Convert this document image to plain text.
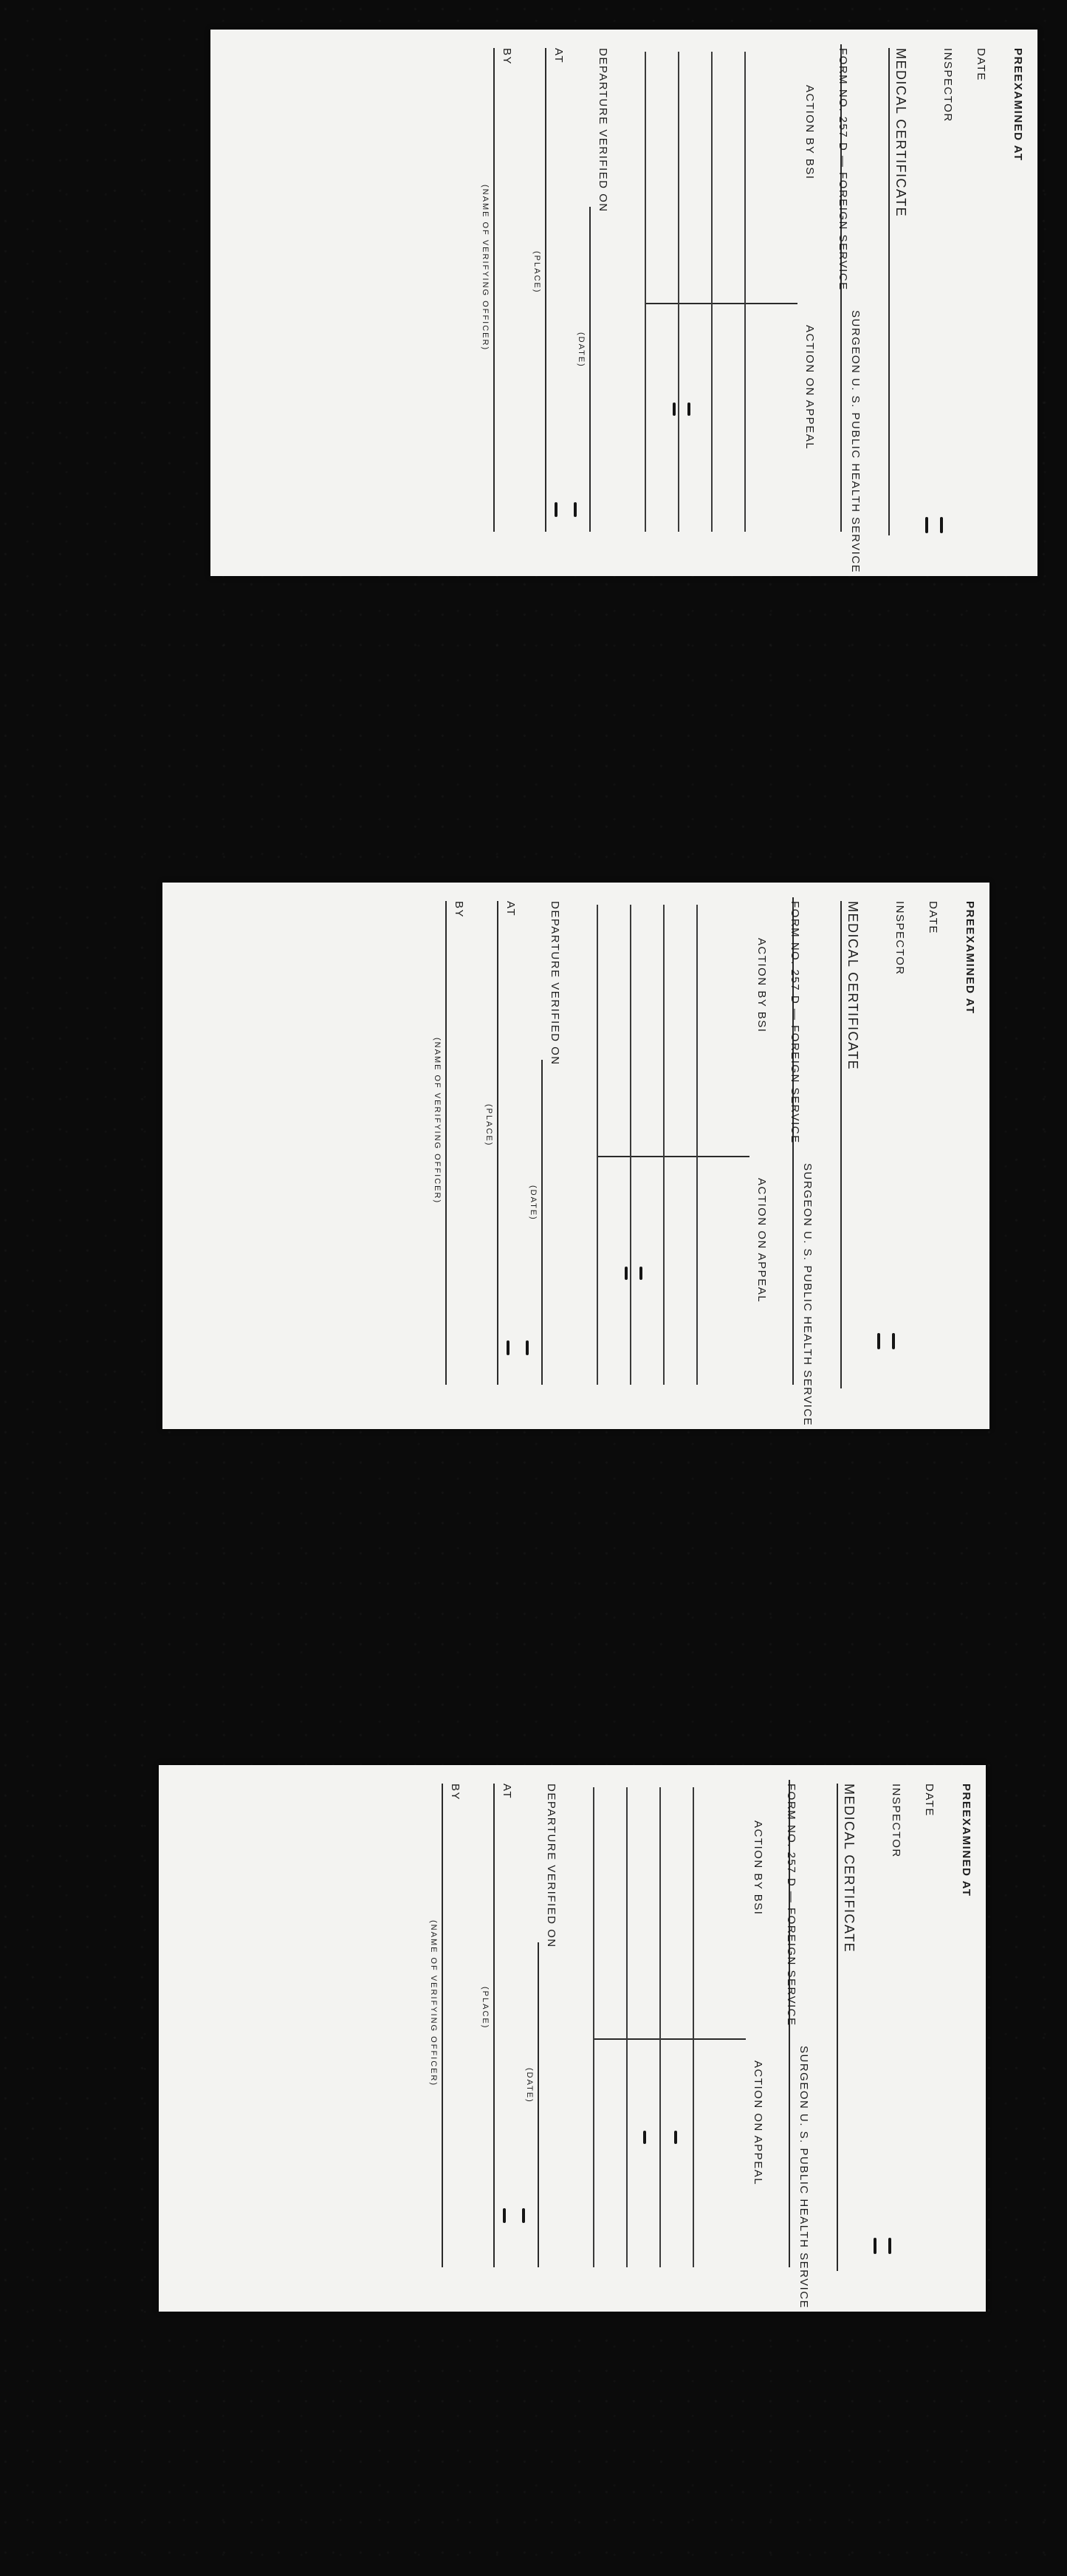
PREEXAMINED AT
DATE
INSPECTOR
MEDICAL CERTIFICATE
SURGEON U. S. PUBLIC HEALTH SERVICE
FORM NO. 257 D — FOREIGN SERVICE
ACTION BY BSI
ACTION ON APPEAL
DEPARTURE VERIFIED ON
(DATE)
AT
(PLACE)
BY
(NAME OF VERIFYING OFFICER)
PREEXAMINED AT
DATE
INSPECTOR
MEDICAL CERTIFICATE
SURGEON U. S. PUBLIC HEALTH SERVICE
FORM NO. 257 D — FOREIGN SERVICE
ACTION BY BSI
ACTION ON APPEAL
DEPARTURE VERIFIED ON
(DATE)
AT
(PLACE)
BY
(NAME OF VERIFYING OFFICER)
PREEXAMINED AT
DATE
INSPECTOR
MEDICAL CERTIFICATE
SURGEON U. S. PUBLIC HEALTH SERVICE
FORM NO. 257 D — FOREIGN SERVICE
ACTION BY BSI
ACTION ON APPEAL
DEPARTURE VERIFIED ON
(DATE)
AT
(PLACE)
BY
(NAME OF VERIFYING OFFICER)
